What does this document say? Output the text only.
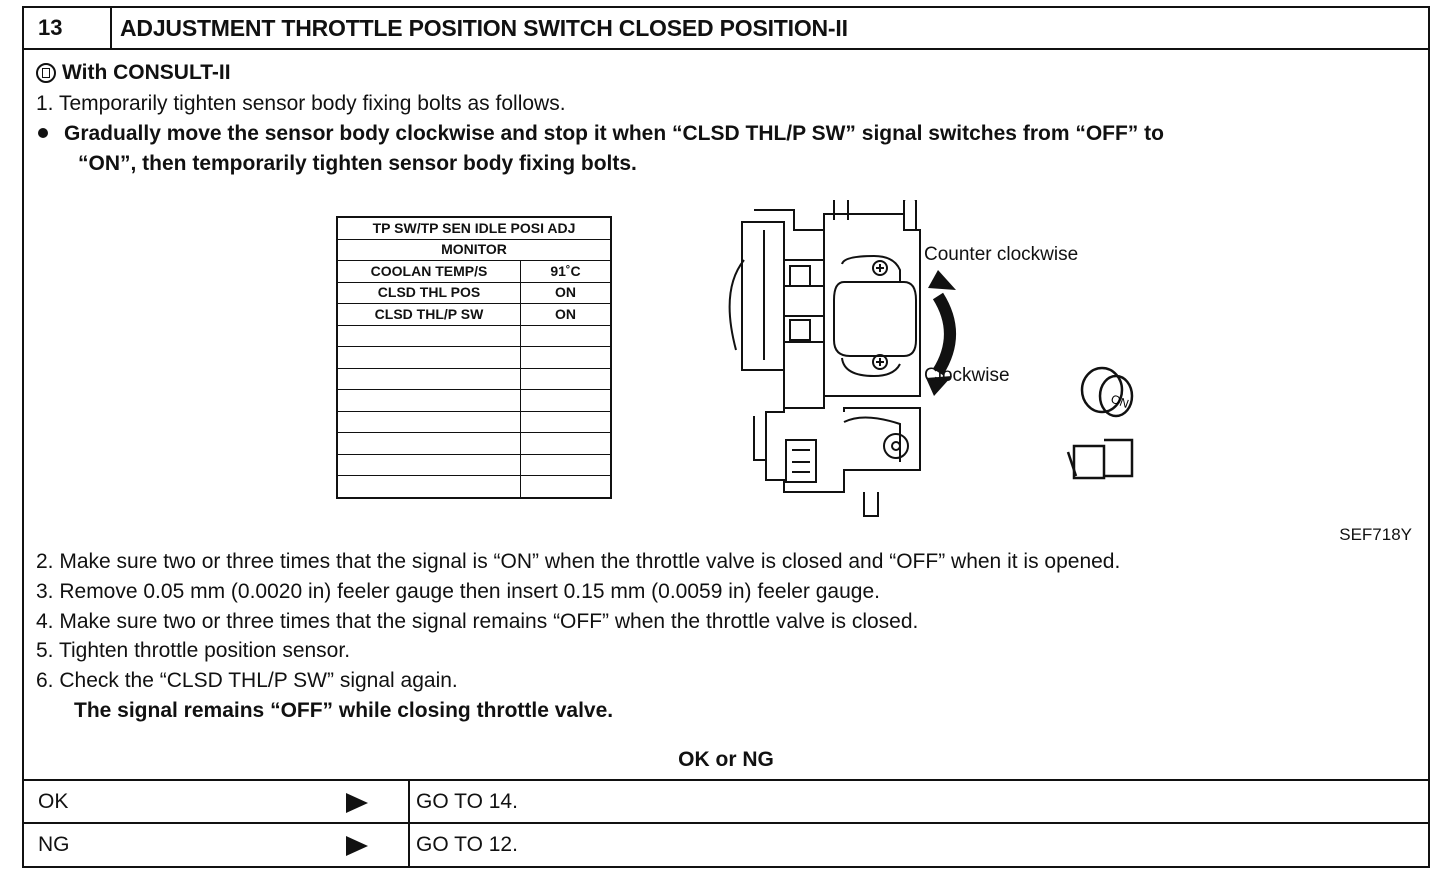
13	ADJUSTMENT THROTTLE POSITION SWITCH CLOSED POSITION-II
With CONSULT-II
1. Temporarily tighten sensor body fixing bolts as follows.
Gradually move the sensor body clockwise and stop it when “CLSD THL/P SW” signal switches from “OFF” to
“ON”, then temporarily tighten sensor body fixing bolts.
TP SW/TP SEN IDLE POSI ADJ	
MONITOR	
COOLAN TEMP/S	91˚C
CLSD THL POS	ON
CLSD THL/P SW	ON

ON
Counter clockwise
Clockwise
SEF718Y
2. Make sure two or three times that the signal is “ON” when the throttle valve is closed and “OFF” when it is opened.
3. Remove 0.05 mm (0.0020 in) feeler gauge then insert 0.15 mm (0.0059 in) feeler gauge.
4. Make sure two or three times that the signal remains “OFF” when the throttle valve is closed.
5. Tighten throttle position sensor.
6. Check the “CLSD THL/P SW” signal again.
The signal remains “OFF” while closing throttle valve.
OK or NG
OK	GO TO 14.
NG	GO TO 12.
